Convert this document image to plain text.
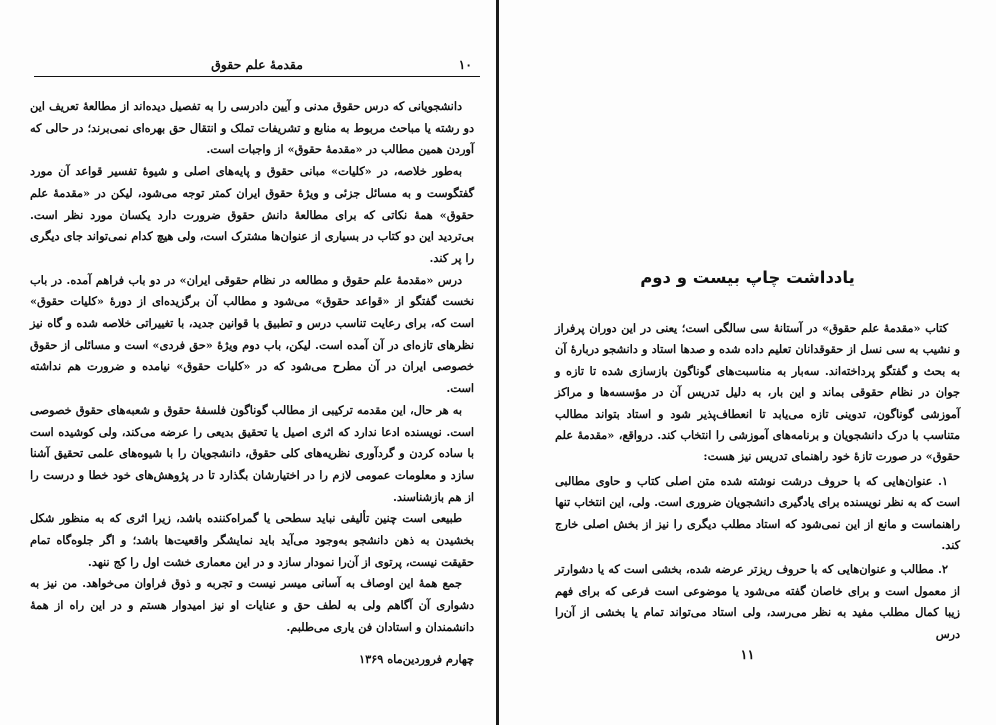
١٠
مقدمهٔ علم حقوق

دانشجویانی که درس حقوق مدنی و آیین دادرسی را به تفصیل دیده‌اند از مطالعهٔ تعریف این دو رشته یا مباحث مربوط به منابع و تشریفات تملک و انتقال حق بهره‌ای نمی‌برند؛ در حالی که آوردن همین مطالب در «مقدمهٔ حقوق» از واجبات است.

به‌طور خلاصه، در «کلیات» مبانی حقوق و پایه‌های اصلی و شیوهٔ تفسیر قواعد آن مورد گفتگوست و به مسائل جزئی و ویژهٔ حقوق ایران کمتر توجه می‌شود، لیکن در «مقدمهٔ علم حقوق» همهٔ نکاتی که برای مطالعهٔ دانش حقوق ضرورت دارد یکسان مورد نظر است. بی‌تردید این دو کتاب در بسیاری از عنوان‌ها مشترک است، ولی هیچ کدام نمی‌تواند جای دیگری را پر کند.

درس «مقدمهٔ علم حقوق و مطالعه در نظام حقوقی ایران» در دو باب فراهم آمده. در باب نخست گفتگو از «قواعد حقوق» می‌شود و مطالب آن برگزیده‌ای از دورهٔ «کلیات حقوق» است که، برای رعایت تناسب درس و تطبیق با قوانین جدید، با تغییراتی خلاصه شده و گاه نیز نظرهای تازه‌ای در آن آمده است. لیکن، باب دوم ویژهٔ «حق فردی» است و مسائلی از حقوق خصوصی ایران در آن مطرح می‌شود که در «کلیات حقوق» نیامده و ضرورت هم نداشته است.

به هر حال، این مقدمه ترکیبی از مطالب گوناگون فلسفهٔ حقوق و شعبه‌های حقوق خصوصی است. نویسنده ادعا ندارد که اثری اصیل یا تحقیق بدیعی را عرضه می‌کند، ولی کوشیده است با ساده کردن و گردآوری نظریه‌های کلی حقوق، دانشجویان را با شیوه‌های علمی تحقیق آشنا سازد و معلومات عمومی لازم را در اختیارشان بگذارد تا در پژوهش‌های خود خطا و درست را از هم بازشناسند.

طبیعی است چنین تألیفی نباید سطحی یا گمراه‌کننده باشد، زیرا اثری که به منظور شکل بخشیدن به ذهن دانشجو به‌وجود می‌آید باید نمایشگر واقعیت‌ها باشد؛ و اگر جلوه‌گاه تمام حقیقت نیست، پرتوی از آن‌را نمودار سازد و در این معماری خشت اول را کج ننهد.

جمع همهٔ این اوصاف به آسانی میسر نیست و تجربه و ذوق فراوان می‌خواهد. من نیز به دشواری آن آگاهم ولی به لطف حق و عنایات او نیز امیدوار هستم و در این راه از همهٔ دانشمندان و استادان فن یاری می‌طلبم.

چهارم فروردین‌ماه ۱۳۶۹
یادداشت چاپ بیست و دوم

کتاب «مقدمهٔ علم حقوق» در آستانهٔ سی سالگی است؛ یعنی در این دوران پرفراز و نشیب به سی نسل از حقوقدانان تعلیم داده شده و صدها استاد و دانشجو دربارهٔ آن به بحث و گفتگو پرداخته‌اند. سه‌بار به مناسبت‌های گوناگون بازسازی شده تا تازه و جوان در نظام حقوقی بماند و این بار، به دلیل تدریس آن در مؤسسه‌ها و مراکز آموزشی گوناگون، تدوینی تازه می‌یابد تا انعطاف‌پذیر شود و استاد بتواند مطالب متناسب با درک دانشجویان و برنامه‌های آموزشی را انتخاب کند. درواقع، «مقدمهٔ علم حقوق» در صورت تازهٔ خود راهنمای تدریس نیز هست:

۱. عنوان‌هایی که با حروف درشت نوشته شده متن اصلی کتاب و حاوی مطالبی است که به نظر نویسنده برای یادگیری دانشجویان ضروری است. ولی، این انتخاب تنها راهنماست و مانع از این نمی‌شود که استاد مطلب دیگری را نیز از بخش اصلی خارج کند.

۲. مطالب و عنوان‌هایی که با حروف ریزتر عرضه شده، بخشی است که یا دشوارتر از معمول است و برای خاصان گفته می‌شود یا موضوعی است فرعی که برای فهم زیبا کمال مطلب مفید به نظر می‌رسد، ولی استاد می‌تواند تمام یا بخشی از آن‌را درس

۱۱
